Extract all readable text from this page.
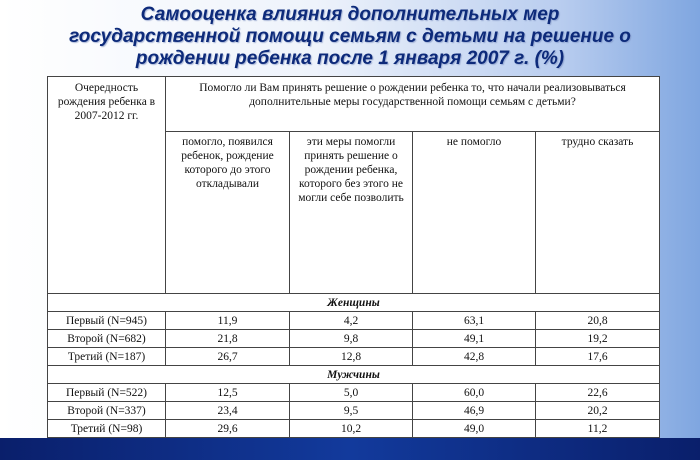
Самооценка влияния дополнительных мер
государственной помощи семьям с детьми на решение о
рождении ребенка после 1 января 2007 г. (%)
Очередность рождения ребенка в 2007-2012 гг.	Помогло ли Вам принять решение о рождении ребенка то, что начали реализовываться дополнительные меры государственной помощи семьям с детьми?			
	помогло, появился ребенок, рождение которого до этого откладывали	эти меры помогли принять решение о рождении ребенка, которого без этого не могли себе позволить	не помогло	трудно сказать
Женщины				
Первый (N=945)	11,9	4,2	63,1	20,8
Второй (N=682)	21,8	9,8	49,1	19,2
Третий (N=187)	26,7	12,8	42,8	17,6
Мужчины				
Первый (N=522)	12,5	5,0	60,0	22,6
Второй (N=337)	23,4	9,5	46,9	20,2
Третий (N=98)	29,6	10,2	49,0	11,2
